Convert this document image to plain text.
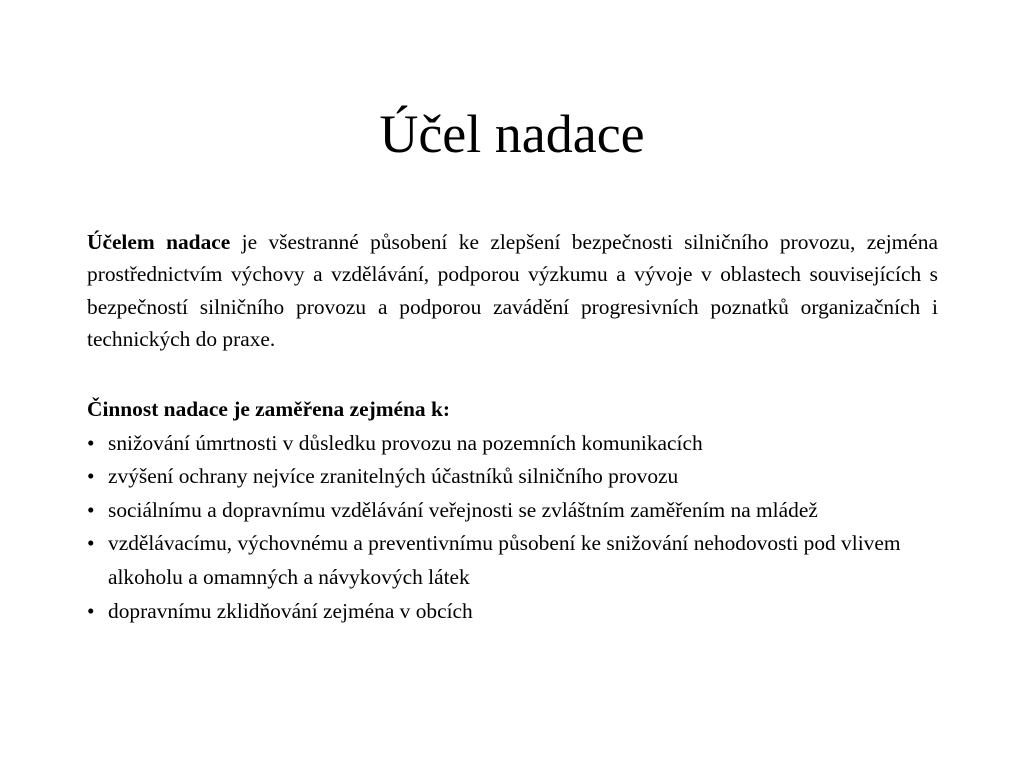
Účel nadace

Účelem nadace je všestranné působení ke zlepšení bezpečnosti silničního provozu, zejména prostřednictvím výchovy a vzdělávání, podporou výzkumu a vývoje v oblastech souvisejících s bezpečností silničního provozu a podporou zavádění progresivních poznatků organizačních i technických do praxe.

Činnost nadace je zaměřena zejména k:
• snižování úmrtnosti v důsledku provozu na pozemních komunikacích
• zvýšení ochrany nejvíce zranitelných účastníků silničního provozu
• sociálnímu a dopravnímu vzdělávání veřejnosti se zvláštním zaměřením na mládež
• vzdělávacímu, výchovnému a preventivnímu působení ke snižování nehodovosti pod vlivem alkoholu a omamných a návykových látek
• dopravnímu zklidňování zejména v obcích
